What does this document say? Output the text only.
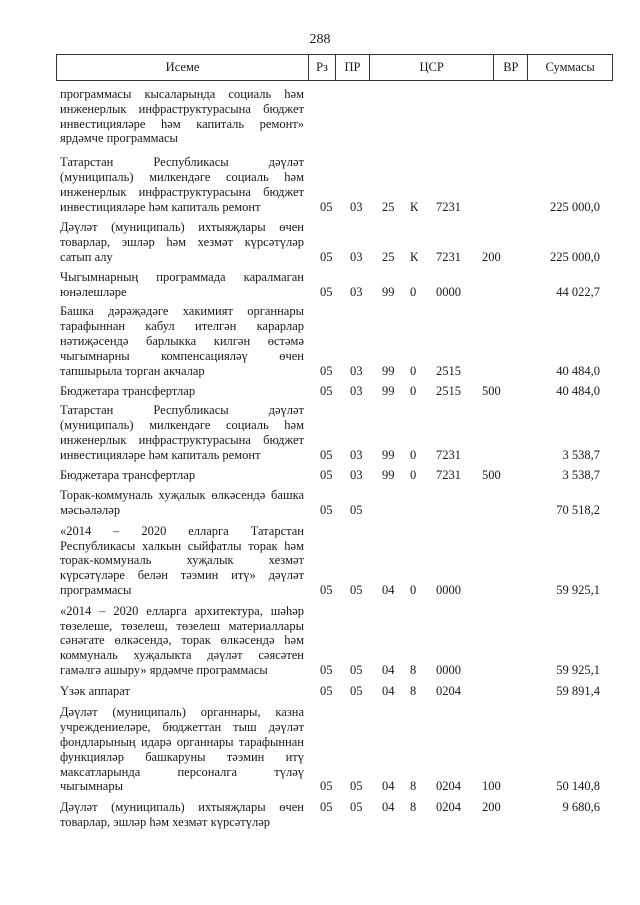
288
Исеме	Рз	ПР	ЦСР	ВР	Суммасы
программасы кысаларында социаль һәм
инженерлык инфраструктурасына бюджет
инвестицияләре һәм капиталь ремонт»
ярдәмче программасы
Татарстан Республикасы дәүләт
(муниципаль) милкендәге социаль һәм
инженерлык инфраструктурасына бюджет
инвестицияләре һәм капиталь ремонт	05 03 25 К 7231	225 000,0
Дәүләт (муниципаль) ихтыяҗлары өчен
товарлар, эшләр һәм хезмәт күрсәтүләр
сатып алу	05 03 25 К 7231 200	225 000,0
Чыгымнарның программада каралмаган
юнәлешләре	05 03 99 0 0000	44 022,7
Башка дәрәҗәдәге хакимият органнары
тарафыннан кабул ителгән карарлар
нәтиҗәсендә барлыкка килгән өстәмә
чыгымнарны компенсацияләү өчен
тапшырыла торган акчалар	05 03 99 0 2515	40 484,0
Бюджетара трансфертлар	05 03 99 0 2515 500	40 484,0
Татарстан Республикасы дәүләт
(муниципаль) милкендәге социаль һәм
инженерлык инфраструктурасына бюджет
инвестицияләре һәм капиталь ремонт	05 03 99 0 7231	3 538,7
Бюджетара трансфертлар	05 03 99 0 7231 500	3 538,7
Торак-коммуналь хуҗалык өлкәсендә башка
мәсьәләләр	05 05	70 518,2
«2014 – 2020 елларга Татарстан
Республикасы халкын сыйфатлы торак һәм
торак-коммуналь хуҗалык хезмәт
күрсәтүләре белән тәэмин итү» дәүләт
программасы	05 05 04 0 0000	59 925,1
«2014 – 2020 елларга архитектура, шәһәр
төзелеше, төзелеш, төзелеш материаллары
сәнәгате өлкәсендә, торак өлкәсендә һәм
коммуналь хуҗалыкта дәүләт сәясәтен
гамәлгә ашыру» ярдәмче программасы	05 05 04 8 0000	59 925,1
Үзәк аппарат	05 05 04 8 0204	59 891,4
Дәүләт (муниципаль) органнары, казна
учреждениеләре, бюджеттан тыш дәүләт
фондларының идарә органнары тарафыннан
функцияләр башкаруны тәэмин итү
максатларында персоналга түләү
чыгымнары	05 05 04 8 0204 100	50 140,8
Дәүләт (муниципаль) ихтыяҗлары өчен
товарлар, эшләр һәм хезмәт күрсәтүләр
05 05 04 8 0204 200	9 680,6
